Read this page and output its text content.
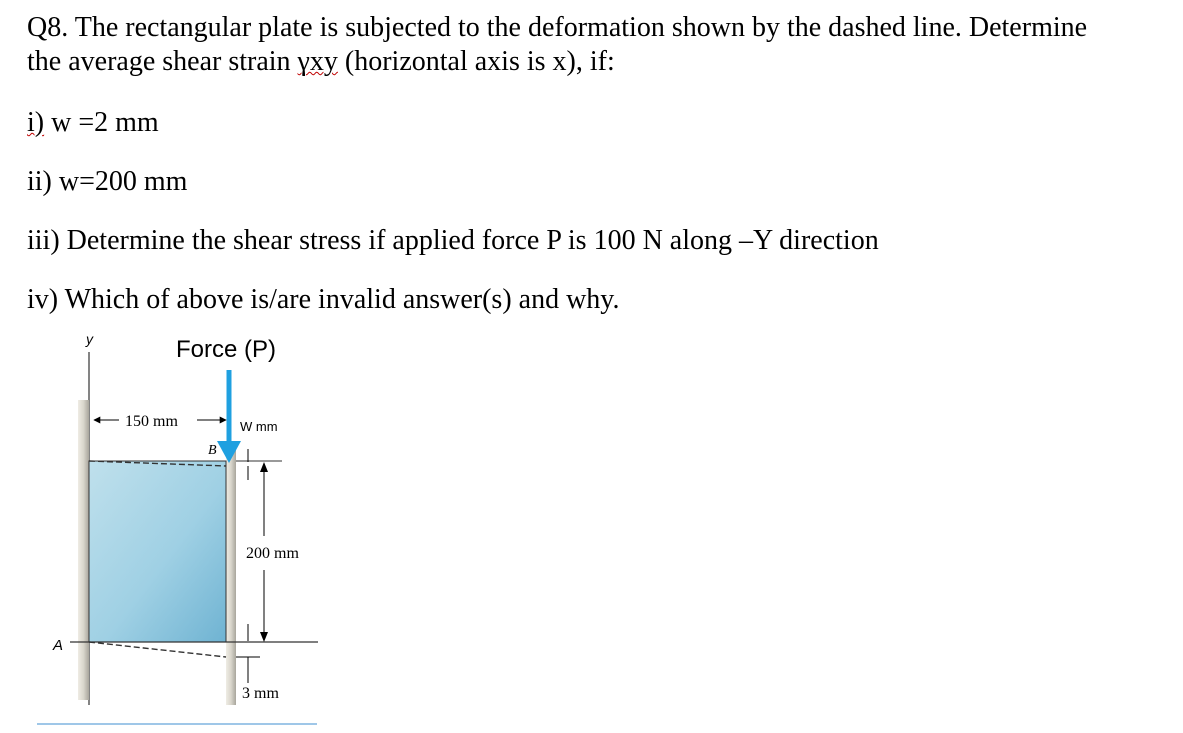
Q8. The rectangular plate is subjected to the deformation shown by the dashed line. Determine

the average shear strain γxy (horizontal axis is x), if:

i) w =2 mm

ii) w=200 mm

iii) Determine the shear stress if applied force P is 100 N along –Y direction

iv) Which of above is/are invalid answer(s) and why.

y
A
150 mm	W mm
B
Force (P)
200 mm
3 mm
